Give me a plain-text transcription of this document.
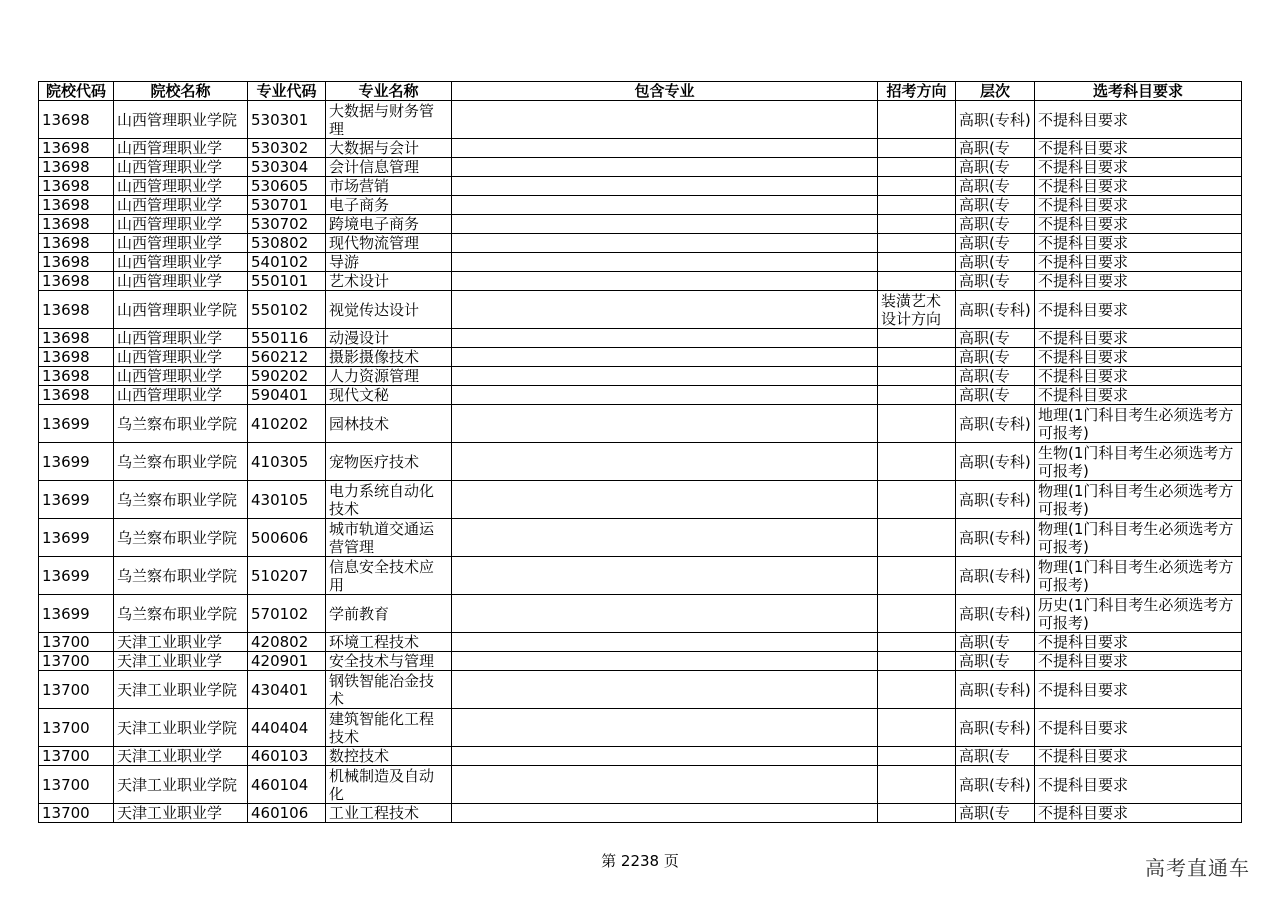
院校代码	院校名称	专业代码	专业名称	包含专业	招考方向	层次	选考科目要求

13698	山西管理职业学院	530301	大数据与财务管理			高职(专科)	不提科目要求

13698	山西管理职业学	530302	大数据与会计			高职(专	不提科目要求

13698	山西管理职业学	530304	会计信息管理			高职(专	不提科目要求

13698	山西管理职业学	530605	市场营销			高职(专	不提科目要求

13698	山西管理职业学	530701	电子商务			高职(专	不提科目要求

13698	山西管理职业学	530702	跨境电子商务			高职(专	不提科目要求

13698	山西管理职业学	530802	现代物流管理			高职(专	不提科目要求

13698	山西管理职业学	540102	导游			高职(专	不提科目要求

13698	山西管理职业学	550101	艺术设计			高职(专	不提科目要求

13698	山西管理职业学院	550102	视觉传达设计		装潢艺术设计方向	高职(专科)	不提科目要求

13698	山西管理职业学	550116	动漫设计			高职(专	不提科目要求

13698	山西管理职业学	560212	摄影摄像技术			高职(专	不提科目要求

13698	山西管理职业学	590202	人力资源管理			高职(专	不提科目要求

13698	山西管理职业学	590401	现代文秘			高职(专	不提科目要求

13699	乌兰察布职业学院	410202	园林技术			高职(专科)	地理(1门科目考生必须选考方可报考)

13699	乌兰察布职业学院	410305	宠物医疗技术			高职(专科)	生物(1门科目考生必须选考方可报考)

13699	乌兰察布职业学院	430105	电力系统自动化技术			高职(专科)	物理(1门科目考生必须选考方可报考)

13699	乌兰察布职业学院	500606	城市轨道交通运营管理			高职(专科)	物理(1门科目考生必须选考方可报考)

13699	乌兰察布职业学院	510207	信息安全技术应用			高职(专科)	物理(1门科目考生必须选考方可报考)

13699	乌兰察布职业学院	570102	学前教育			高职(专科)	历史(1门科目考生必须选考方可报考)

13700	天津工业职业学	420802	环境工程技术			高职(专	不提科目要求

13700	天津工业职业学	420901	安全技术与管理			高职(专	不提科目要求

13700	天津工业职业学院	430401	钢铁智能冶金技术			高职(专科)	不提科目要求

13700	天津工业职业学院	440404	建筑智能化工程技术			高职(专科)	不提科目要求

13700	天津工业职业学	460103	数控技术			高职(专	不提科目要求

13700	天津工业职业学院	460104	机械制造及自动化			高职(专科)	不提科目要求

13700	天津工业职业学	460106	工业工程技术			高职(专	不提科目要求
第 2238 页	高考直通车
